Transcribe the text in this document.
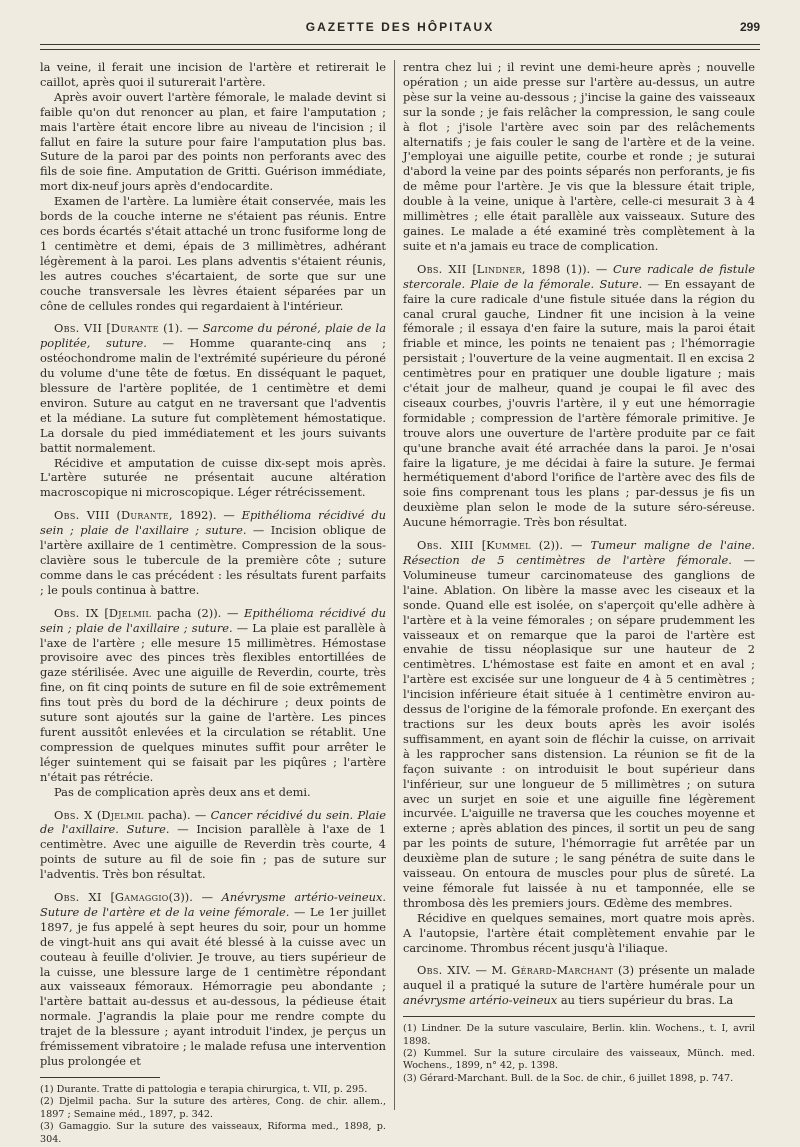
GAZETTE DES HÔPITAUX	299

la veine, il ferait une incision de l'artère et retirerait le caillot, après quoi il suturerait l'artère.

Après avoir ouvert l'artère fémorale, le malade devint si faible qu'on dut renoncer au plan, et faire l'amputation ; mais l'artère était encore libre au niveau de l'incision ; il fallut en faire la suture pour faire l'amputation plus bas. Suture de la paroi par des points non perforants avec des fils de soie fine. Amputation de Gritti. Guérison immédiate, mort dix-neuf jours après d'endocardite.

Examen de l'artère. La lumière était conservée, mais les bords de la couche interne ne s'étaient pas réunis. Entre ces bords écartés s'était attaché un tronc fusiforme long de 1 centimètre et demi, épais de 3 millimètres, adhérant légèrement à la paroi. Les plans adventis s'étaient réunis, les autres couches s'écartaient, de sorte que sur une couche transversale les lèvres étaient séparées par un cône de cellules rondes qui regardaient à l'intérieur.

Obs. VII [Durante (1). — Sarcome du péroné, plaie de la poplitée, suture. — Homme quarante-cinq ans ; ostéochondrome malin de l'extrémité supérieure du péroné du volume d'une tête de fœtus. En disséquant le paquet, blessure de l'artère poplitée, de 1 centimètre et demi environ. Suture au catgut en ne traversant que l'adventis et la médiane. La suture fut complètement hémostatique. La dorsale du pied immédiatement et les jours suivants battit normalement.

Récidive et amputation de cuisse dix-sept mois après. L'artère suturée ne présentait aucune altération macroscopique ni microscopique. Léger rétrécissement.

Obs. VIII (Durante, 1892). — Epithélioma récidivé du sein ; plaie de l'axillaire ; suture. — Incision oblique de l'artère axillaire de 1 centimètre. Compression de la sous-clavière sous le tubercule de la première côte ; suture comme dans le cas précédent : les résultats furent parfaits ; le pouls continua à battre.

Obs. IX [Djelmil pacha (2)). — Epithélioma récidivé du sein ; plaie de l'axillaire ; suture. — La plaie est parallèle à l'axe de l'artère ; elle mesure 15 millimètres. Hémostase provisoire avec des pinces très flexibles entortillées de gaze stérilisée. Avec une aiguille de Reverdin, courte, très fine, on fit cinq points de suture en fil de soie extrêmement fins tout près du bord de la déchirure ; deux points de suture sont ajoutés sur la gaine de l'artère. Les pinces furent aussitôt enlevées et la circulation se rétablit. Une compression de quelques minutes suffit pour arrêter le léger suintement qui se faisait par les piqûres ; l'artère n'était pas rétrécie.

Pas de complication après deux ans et demi.

Obs. X (Djelmil pacha). — Cancer récidivé du sein. Plaie de l'axillaire. Suture. — Incision parallèle à l'axe de 1 centimètre. Avec une aiguille de Reverdin très courte, 4 points de suture au fil de soie fin ; pas de suture sur l'adventis. Très bon résultat.

Obs. XI [Gamaggio(3)). — Anévrysme artério-veineux. Suture de l'artère et de la veine fémorale. — Le 1er juillet 1897, je fus appelé à sept heures du soir, pour un homme de vingt-huit ans qui avait été blessé à la cuisse avec un couteau à feuille d'olivier. Je trouve, au tiers supérieur de la cuisse, une blessure large de 1 centimètre répondant aux vaisseaux fémoraux. Hémorragie peu abondante ; l'artère battait au-dessus et au-dessous, la pédieuse était normale. J'agrandis la plaie pour me rendre compte du trajet de la blessure ; ayant introduit l'index, je perçus un frémissement vibratoire ; le malade refusa une intervention plus prolongée et

(1) Durante. Tratte di pattologia e terapia chirurgica, t. VII, p. 295.

(2) Djelmil pacha. Sur la suture des artères, Cong. de chir. allem., 1897 ; Semaine méd., 1897, p. 342.

(3) Gamaggio. Sur la suture des vaisseaux, Riforma med., 1898, p. 304.

rentra chez lui ; il revint une demi-heure après ; nouvelle opération ; un aide presse sur l'artère au-dessus, un autre pèse sur la veine au-dessous ; j'incise la gaine des vaisseaux sur la sonde ; je fais relâcher la compression, le sang coule à flot ; j'isole l'artère avec soin par des relâchements alternatifs ; je fais couler le sang de l'artère et de la veine. J'employai une aiguille petite, courbe et ronde ; je suturai d'abord la veine par des points séparés non perforants, je fis de même pour l'artère. Je vis que la blessure était triple, double à la veine, unique à l'artère, celle-ci mesurait 3 à 4 millimètres ; elle était parallèle aux vaisseaux. Suture des gaines. Le malade a été examiné très complètement à la suite et n'a jamais eu trace de complication.

Obs. XII [Lindner, 1898 (1)). — Cure radicale de fistule stercorale. Plaie de la fémorale. Suture. — En essayant de faire la cure radicale d'une fistule située dans la région du canal crural gauche, Lindner fit une incision à la veine fémorale ; il essaya d'en faire la suture, mais la paroi était friable et mince, les points ne tenaient pas ; l'hémorragie persistait ; l'ouverture de la veine augmentait. Il en excisa 2 centimètres pour en pratiquer une double ligature ; mais c'était jour de malheur, quand je coupai le fil avec des ciseaux courbes, j'ouvris l'artère, il y eut une hémorragie formidable ; compression de l'artère fémorale primitive. Je trouve alors une ouverture de l'artère produite par ce fait qu'une branche avait été arrachée dans la paroi. Je n'osai faire la ligature, je me décidai à faire la suture. Je fermai hermétiquement d'abord l'orifice de l'artère avec des fils de soie fins comprenant tous les plans ; par-dessus je fis un deuxième plan selon le mode de la suture séro-séreuse. Aucune hémorragie. Très bon résultat.

Obs. XIII [Kummel (2)). — Tumeur maligne de l'aine. Résection de 5 centimètres de l'artère fémorale. — Volumineuse tumeur carcinomateuse des ganglions de l'aine. Ablation. On libère la masse avec les ciseaux et la sonde. Quand elle est isolée, on s'aperçoit qu'elle adhère à l'artère et à la veine fémorales ; on sépare prudemment les vaisseaux et on remarque que la paroi de l'artère est envahie de tissu néoplasique sur une hauteur de 2 centimètres. L'hémostase est faite en amont et en aval ; l'artère est excisée sur une longueur de 4 à 5 centimètres ; l'incision inférieure était située à 1 centimètre environ au-dessus de l'origine de la fémorale profonde. En exerçant des tractions sur les deux bouts après les avoir isolés suffisamment, en ayant soin de fléchir la cuisse, on arrivait à les rapprocher sans distension. La réunion se fit de la façon suivante : on introduisit le bout supérieur dans l'inférieur, sur une longueur de 5 millimètres ; on sutura avec un surjet en soie et une aiguille fine légèrement incurvée. L'aiguille ne traversa que les couches moyenne et externe ; après ablation des pinces, il sortit un peu de sang par les points de suture, l'hémorragie fut arrêtée par un deuxième plan de suture ; le sang pénétra de suite dans le vaisseau. On entoura de muscles pour plus de sûreté. La veine fémorale fut laissée à nu et tamponnée, elle se thrombosa dès les premiers jours. Œdème des membres.

Récidive en quelques semaines, mort quatre mois après. A l'autopsie, l'artère était complètement envahie par le carcinome. Thrombus récent jusqu'à l'iliaque.

Obs. XIV. — M. Gérard-Marchant (3) présente un malade auquel il a pratiqué la suture de l'artère humérale pour un anévrysme artério-veineux au tiers supérieur du bras. La

(1) Lindner. De la suture vasculaire, Berlin. klin. Wochens., t. I, avril 1898.

(2) Kummel. Sur la suture circulaire des vaisseaux, Münch. med. Wochens., 1899, n° 42, p. 1398.

(3) Gérard-Marchant. Bull. de la Soc. de chir., 6 juillet 1898, p. 747.
